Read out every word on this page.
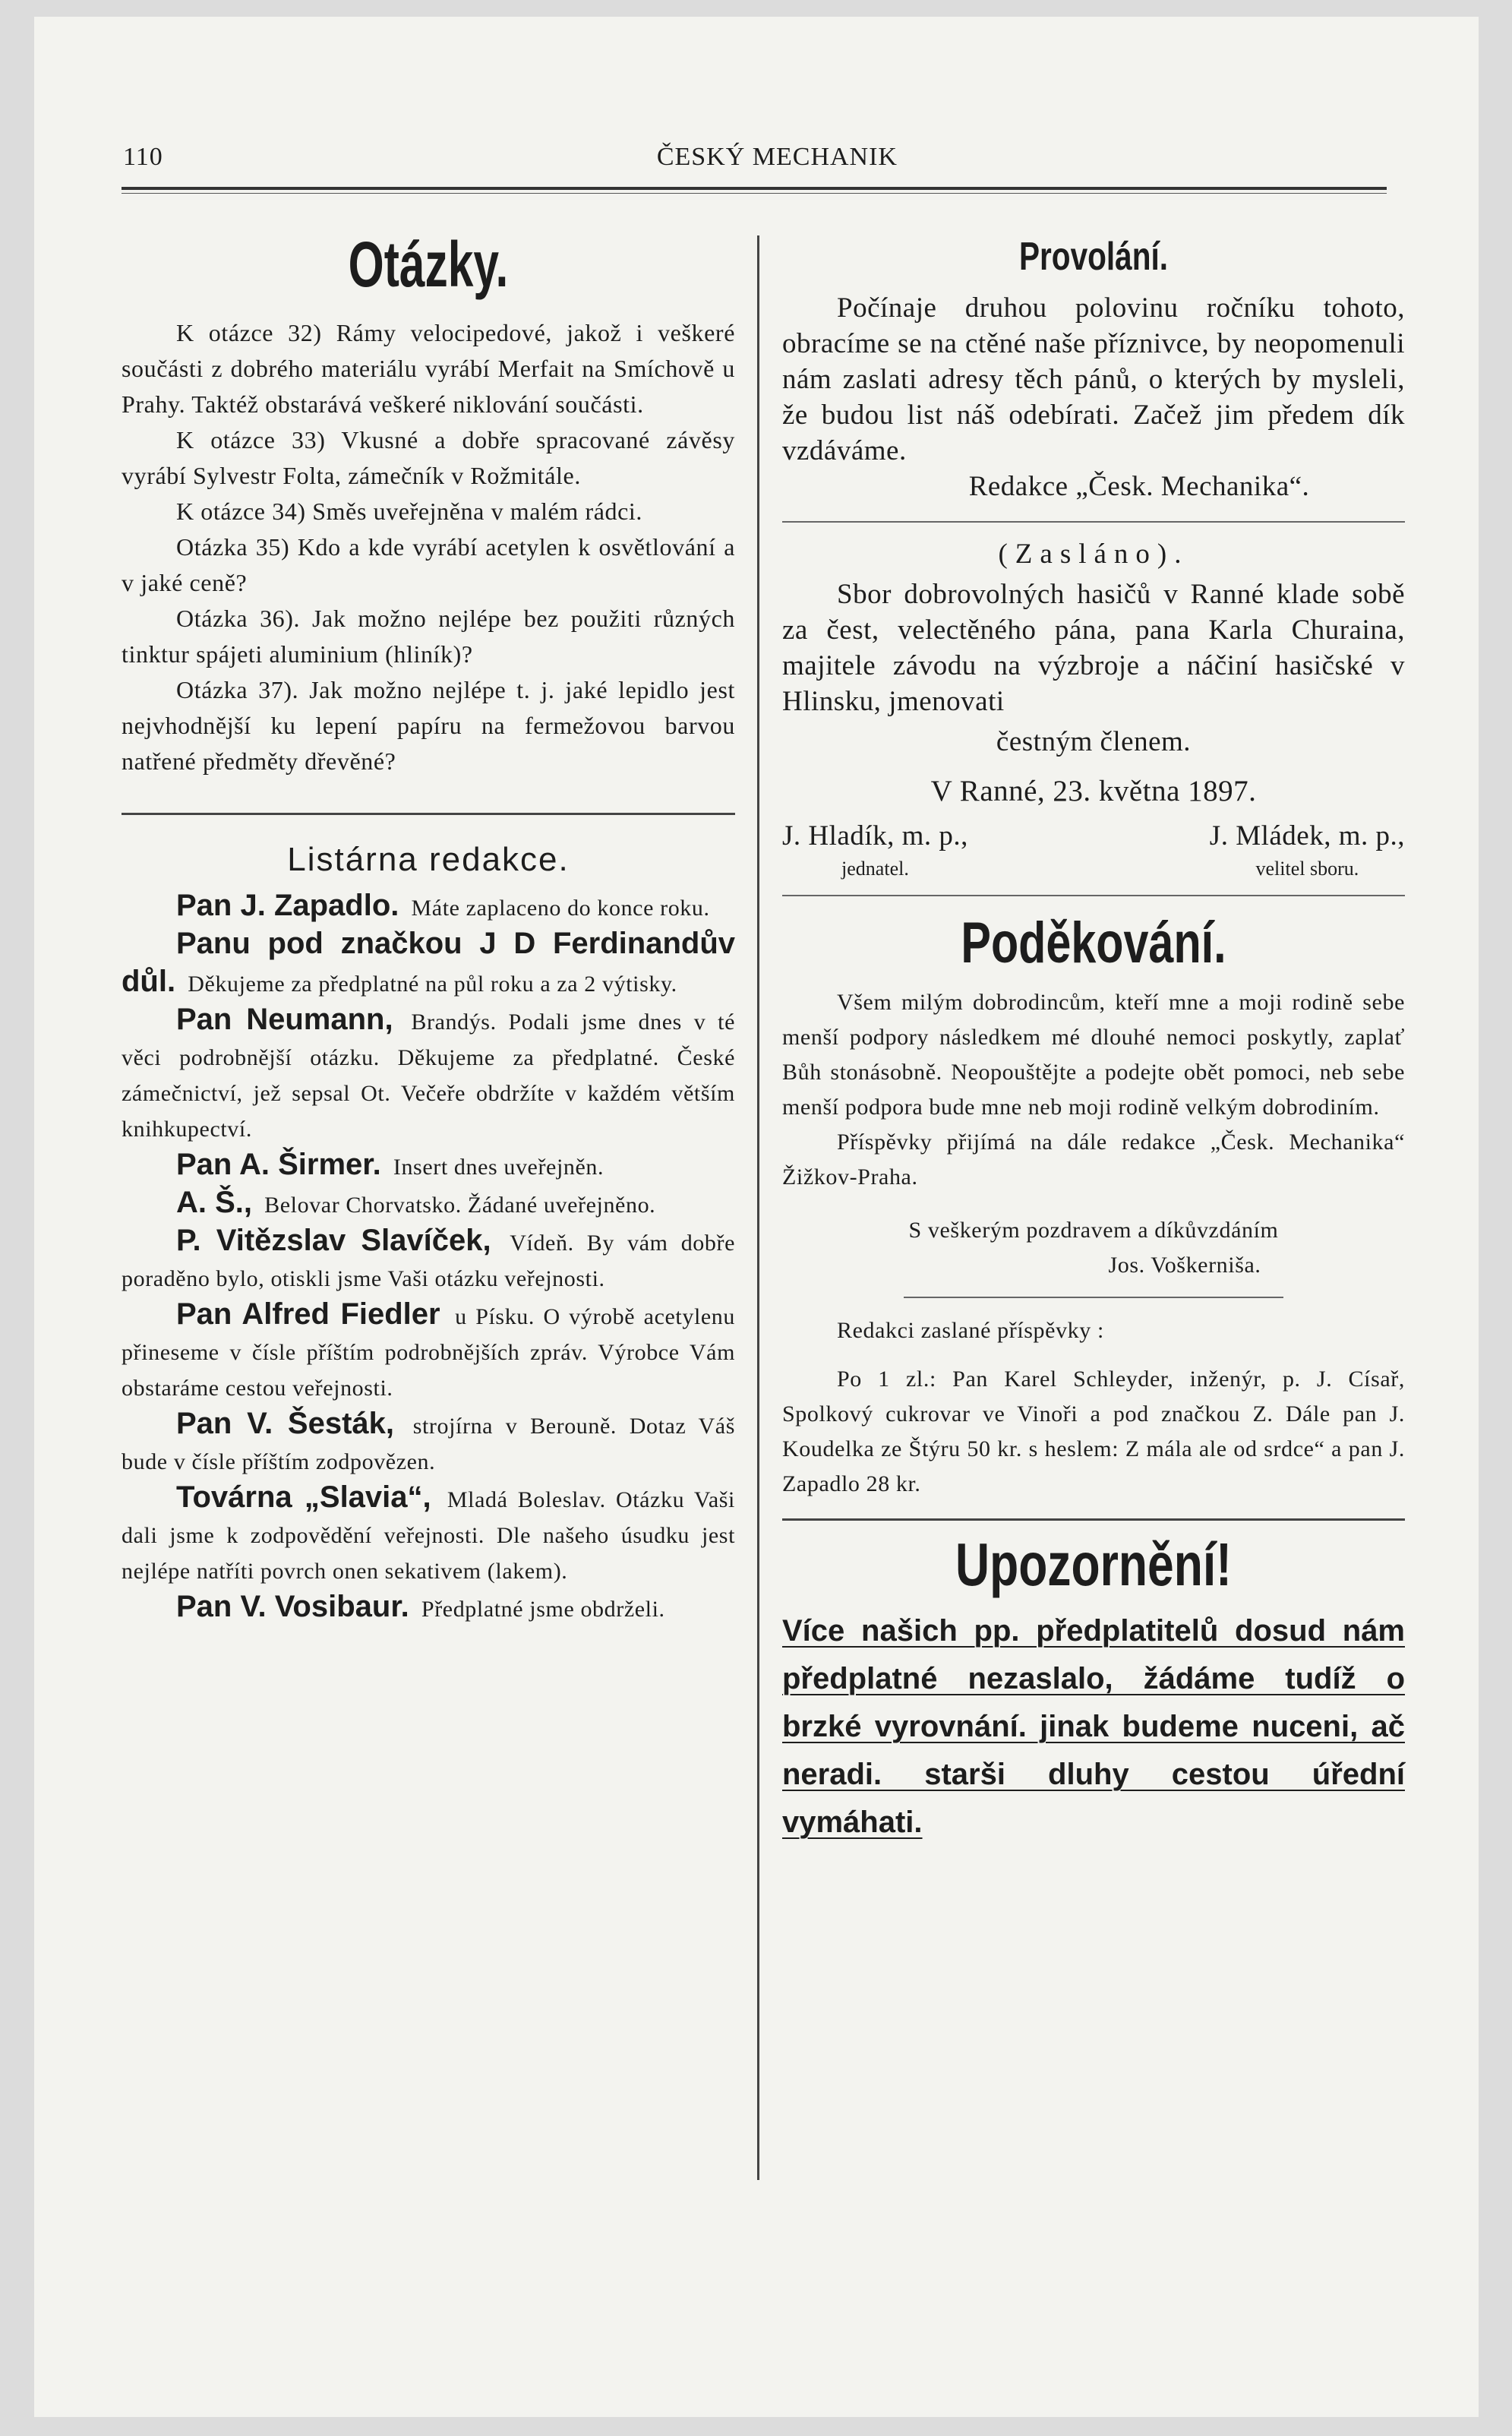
110	ČESKÝ MECHANIK
Otázky.

K otázce 32) Rámy velocipedové, jakož i veškeré součásti z dobrého materiálu vyrábí Merfait na Smíchově u Prahy. Taktéž obstarává veškeré niklování součásti.

K otázce 33) Vkusné a dobře spracované závěsy vyrábí Sylvestr Folta, zámečník v Rožmitále.

K otázce 34) Směs uveřejněna v malém rádci.

Otázka 35) Kdo a kde vyrábí acetylen k osvětlování a v jaké ceně?

Otázka 36). Jak možno nejlépe bez použiti různých tinktur spájeti aluminium (hliník)?

Otázka 37). Jak možno nejlépe t. j. jaké lepidlo jest nejvhodnější ku lepení papíru na fermežovou barvou natřené předměty dřevěné?

Listárna redakce.

Pan J. Zapadlo. Máte zaplaceno do konce roku.

Panu pod značkou J D Ferdinandův důl. Děkujeme za předplatné na půl roku a za 2 výtisky.

Pan Neumann, Brandýs. Podali jsme dnes v té věci podrobnější otázku. Děkujeme za předplatné. České zámečnictví, jež sepsal Ot. Večeře obdržíte v každém větším knihkupectví.

Pan A. Širmer. Insert dnes uveřejněn.

A. Š., Belovar Chorvatsko. Žádané uveřejněno.

P. Vitězslav Slavíček, Vídeň. By vám dobře poraděno bylo, otiskli jsme Vaši otázku veřejnosti.

Pan Alfred Fiedler u Písku. O výrobě acetylenu přineseme v čísle příštím podrobnějších zpráv. Výrobce Vám obstaráme cestou veřejnosti.

Pan V. Šesták, strojírna v Berouně. Dotaz Váš bude v čísle příštím zodpovězen.

Továrna „Slavia“, Mladá Boleslav. Otázku Vaši dali jsme k zodpovědění veřejnosti. Dle našeho úsudku jest nejlépe natříti povrch onen sekativem (lakem).

Pan V. Vosibaur. Předplatné jsme obdrželi.

Provolání.

Počínaje druhou polovinu ročníku tohoto, obracíme se na ctěné naše příznivce, by neopomenuli nám zaslati adresy těch pánů, o kterých by mysleli, že budou list náš odebírati. Začež jim předem dík vzdáváme.

Redakce „Česk. Mechanika“.

(Zasláno).

Sbor dobrovolných hasičů v Ranné klade sobě za čest, velectěného pána, pana Karla Churaina, majitele závodu na výzbroje a náčiní hasičské v Hlinsku, jmenovati

čestným členem.

V Ranné, 23. května 1897.

J. Hladík, m. p.,
jednatel.
J. Mládek, m. p.,
velitel sboru.
Poděkování.

Všem milým dobrodincům, kteří mne a moji rodině sebe menší podpory následkem mé dlouhé nemoci poskytly, zaplať Bůh stonásobně. Neopouštějte a podejte obět pomoci, neb sebe menší podpora bude mne neb moji rodině velkým dobrodiním.

Příspěvky přijímá na dále redakce „Česk. Mechanika“ Žižkov-Praha.

S veškerým pozdravem a díkůvzdáním

Jos. Voškerniša.

Redakci zaslané příspěvky :

Po 1 zl.: Pan Karel Schleyder, inženýr, p. J. Císař, Spolkový cukrovar ve Vinoři a pod značkou Z. Dále pan J. Koudelka ze Štýru 50 kr. s heslem: Z mála ale od srdce“ a pan J. Zapadlo 28 kr.

Upozornění!

Více našich pp. předplatitelů dosud nám předplatné nezaslalo, žádáme tudíž o brzké vyrovnání. jinak budeme nuceni, ač neradi. starši dluhy cestou úřední vymáhati.
